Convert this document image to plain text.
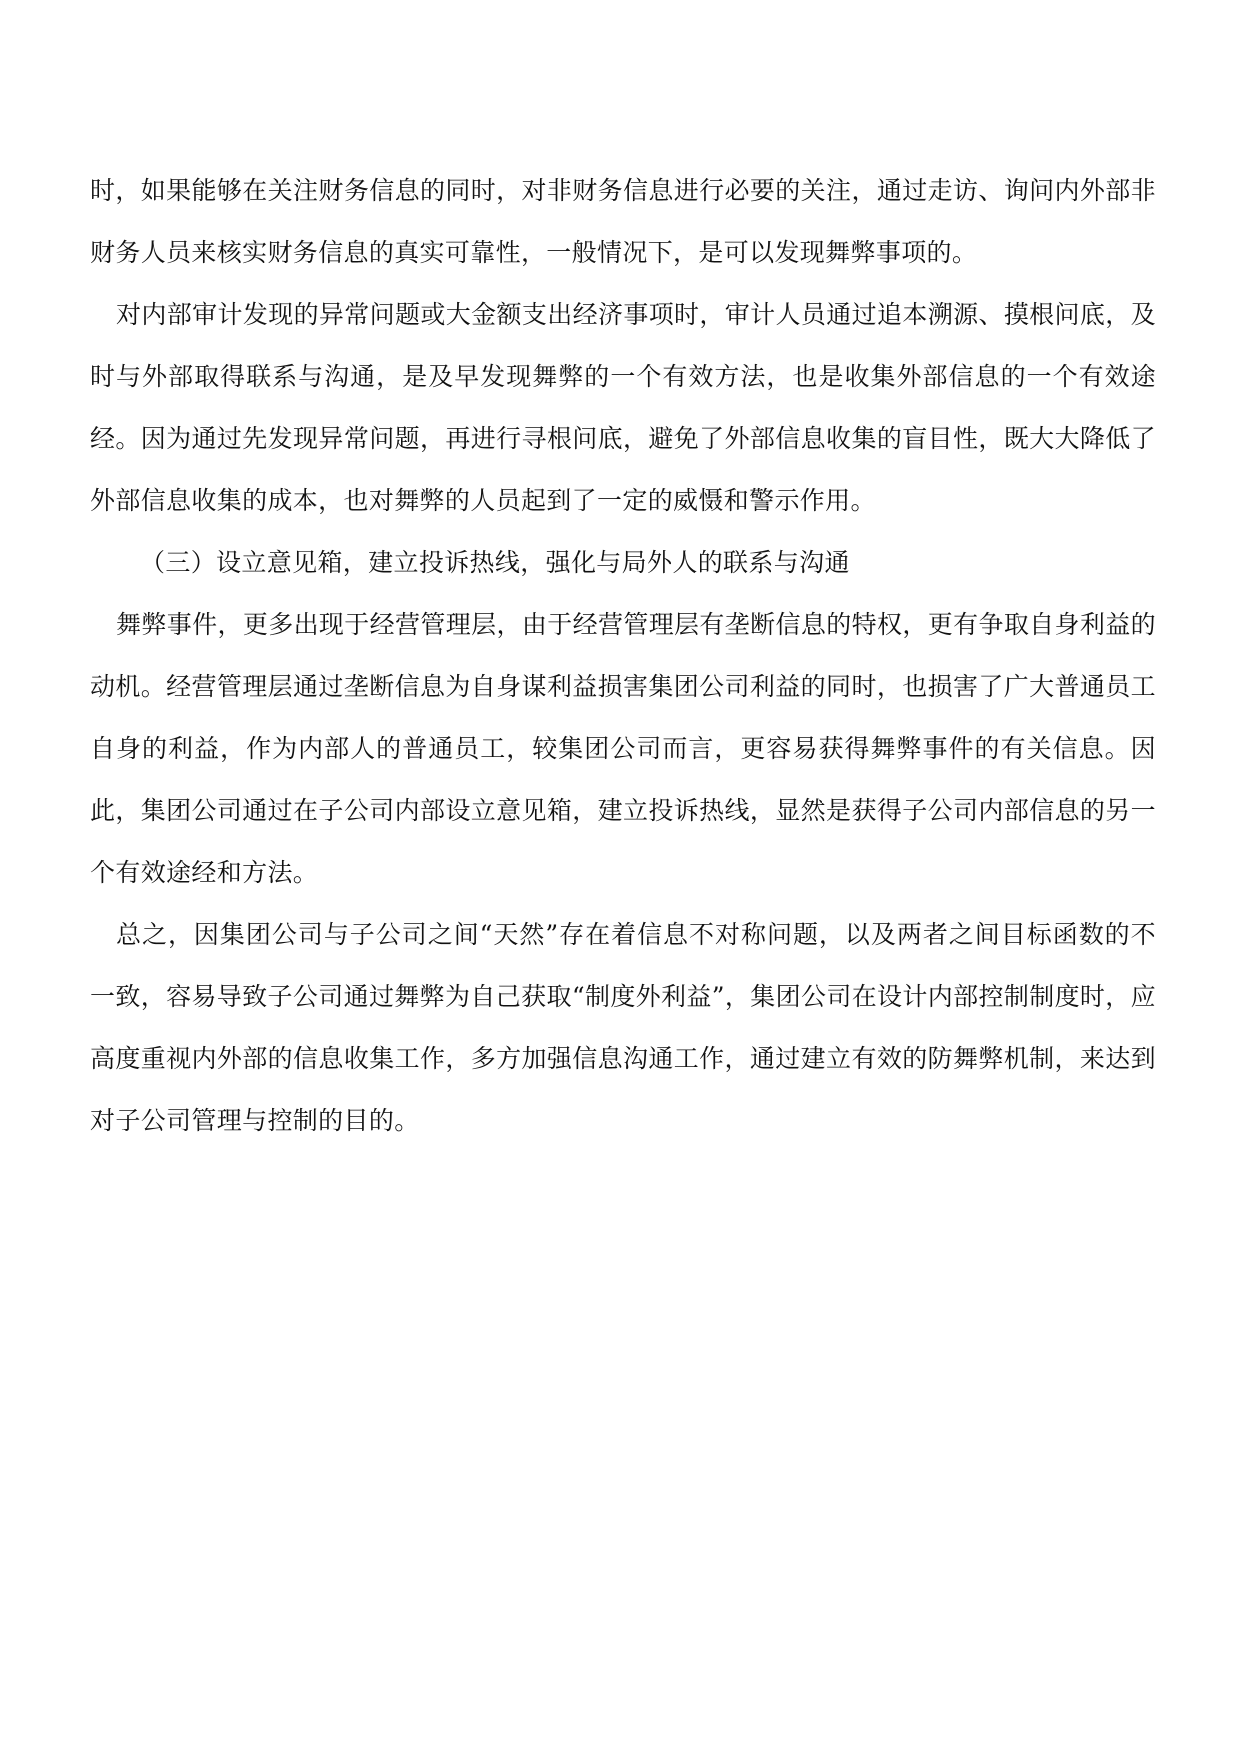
时，如果能够在关注财务信息的同时，对非财务信息进行必要的关注，通过走访、询问内外部非财务人员来核实财务信息的真实可靠性，一般情况下，是可以发现舞弊事项的。

对内部审计发现的异常问题或大金额支出经济事项时，审计人员通过追本溯源、摸根问底，及时与外部取得联系与沟通，是及早发现舞弊的一个有效方法，也是收集外部信息的一个有效途经。因为通过先发现异常问题，再进行寻根问底，避免了外部信息收集的盲目性，既大大降低了外部信息收集的成本，也对舞弊的人员起到了一定的威慑和警示作用。

（三）设立意见箱，建立投诉热线，强化与局外人的联系与沟通

舞弊事件，更多出现于经营管理层，由于经营管理层有垄断信息的特权，更有争取自身利益的动机。经营管理层通过垄断信息为自身谋利益损害集团公司利益的同时，也损害了广大普通员工自身的利益，作为内部人的普通员工，较集团公司而言，更容易获得舞弊事件的有关信息。因此，集团公司通过在子公司内部设立意见箱，建立投诉热线，显然是获得子公司内部信息的另一个有效途经和方法。

总之，因集团公司与子公司之间“天然”存在着信息不对称问题，以及两者之间目标函数的不一致，容易导致子公司通过舞弊为自己获取“制度外利益”，集团公司在设计内部控制制度时，应高度重视内外部的信息收集工作，多方加强信息沟通工作，通过建立有效的防舞弊机制，来达到对子公司管理与控制的目的。
